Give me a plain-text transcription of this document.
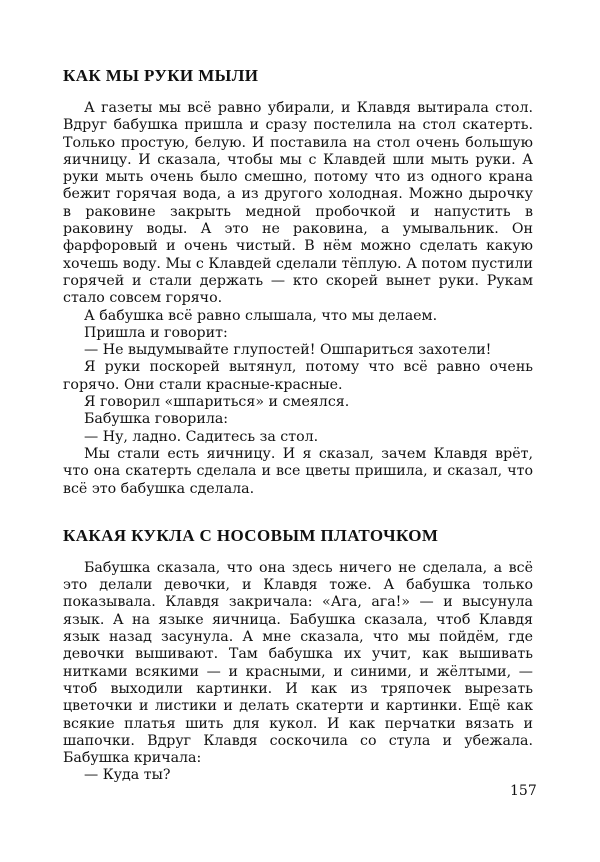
КАК МЫ РУКИ МЫЛИ

А газеты мы всё равно убирали, и Клавдя вытирала стол. Вдруг бабушка пришла и сразу постелила на стол скатерть. Только простую, белую. И поставила на стол очень большую яичницу. И сказала, чтобы мы с Клавдей шли мыть руки. А руки мыть очень было смешно, потому что из одного крана бежит горячая вода, а из другого холодная. Можно дырочку в раковине закрыть медной пробочкой и напустить в раковину воды. А это не раковина, а умывальник. Он фарфоровый и очень чистый. В нём можно сделать какую хочешь воду. Мы с Клавдей сделали тёплую. А потом пустили горячей и стали держать — кто скорей вынет руки. Рукам стало совсем горячо.

А бабушка всё равно слышала, что мы делаем.

Пришла и говорит:

— Не выдумывайте глупостей! Ошпариться захотели!

Я руки поскорей вытянул, потому что всё равно очень горячо. Они стали красные-красные.

Я говорил «шпариться» и смеялся.

Бабушка говорила:

— Ну, ладно. Садитесь за стол.

Мы стали есть яичницу. И я сказал, зачем Клавдя врёт, что она скатерть сделала и все цветы пришила, и сказал, что всё это бабушка сделала.

КАКАЯ КУКЛА С НОСОВЫМ ПЛАТОЧКОМ

Бабушка сказала, что она здесь ничего не сделала, а всё это делали девочки, и Клавдя тоже. А бабушка только показывала. Клавдя закричала: «Ага, ага!» — и высунула язык. А на языке яичница. Бабушка сказала, чтоб Клавдя язык назад засунула. А мне сказала, что мы пойдём, где девочки вышивают. Там бабушка их учит, как вышивать нитками всякими — и красными, и синими, и жёлтыми, — чтоб выходили картинки. И как из тряпочек вырезать цветочки и листики и делать скатерти и картинки. Ещё как всякие платья шить для кукол. И как перчатки вязать и шапочки. Вдруг Клавдя соскочила со стула и убежала. Бабушка кричала:

— Куда ты?

157
